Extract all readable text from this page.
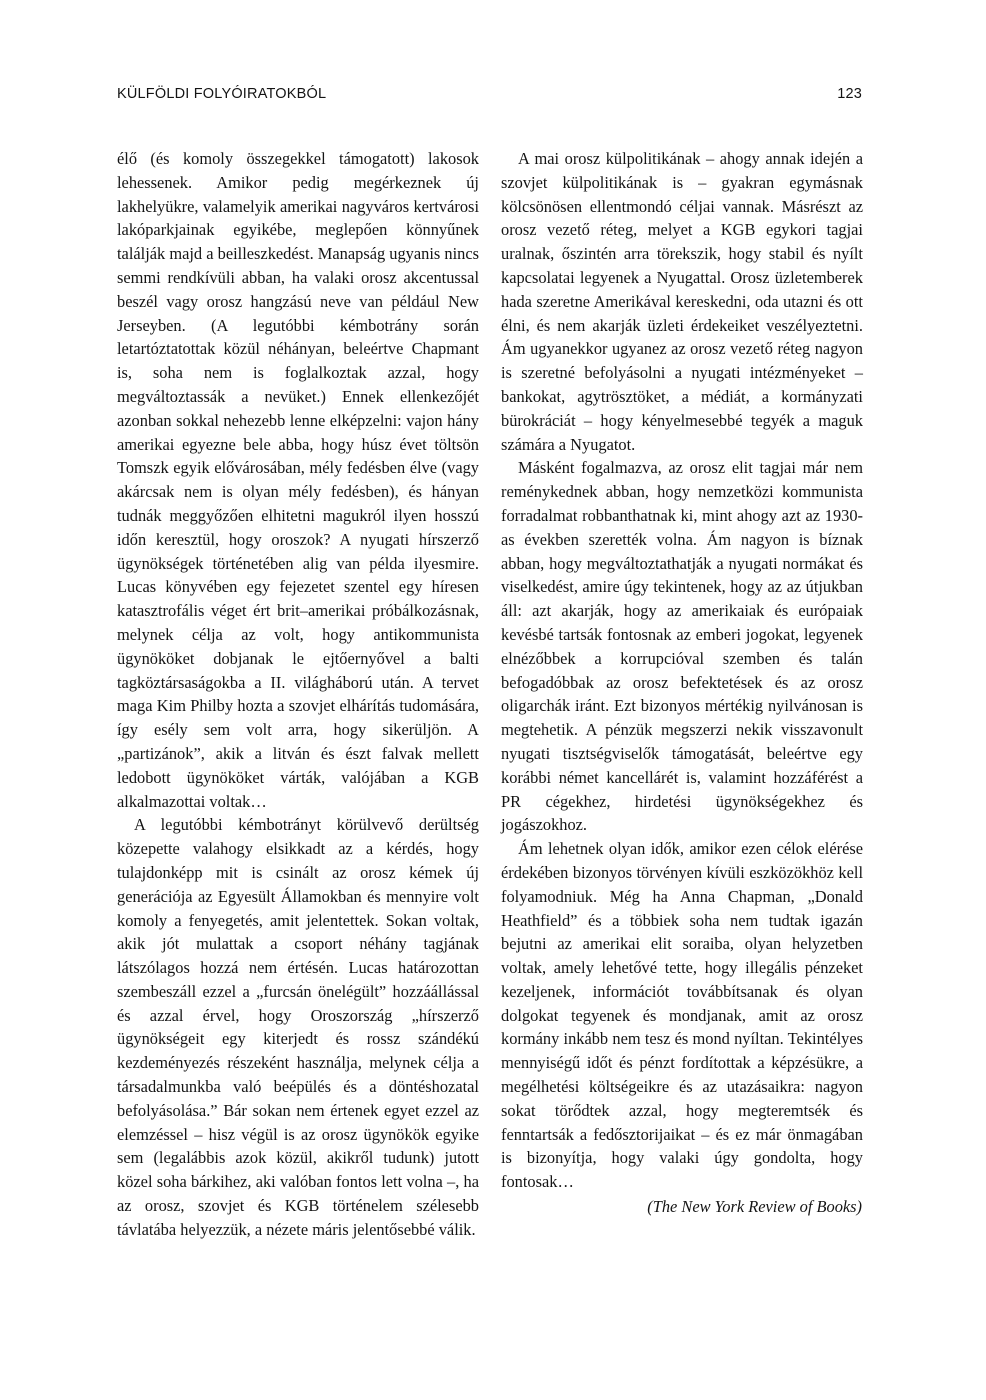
KÜLFÖLDI FOLYÓIRATOKBÓL	123

élő (és komoly összegekkel támogatott) lakosok lehessenek. Amikor pedig megérkeznek új lakhelyükre, valamelyik amerikai nagyváros kertvárosi lakóparkjainak egyikébe, meglepően könnyűnek találják majd a beilleszkedést. Manapság ugyanis nincs semmi rendkívüli abban, ha valaki orosz akcentussal beszél vagy orosz hangzású neve van például New Jerseyben. (A legutóbbi kémbotrány során letartóztatottak közül néhányan, beleértve Chapmant is, soha nem is foglalkoztak azzal, hogy megváltoztassák a nevüket.) Ennek ellenkezőjét azonban sokkal nehezebb lenne elképzelni: vajon hány amerikai egyezne bele abba, hogy húsz évet töltsön Tomszk egyik elővárosában, mély fedésben élve (vagy akárcsak nem is olyan mély fedésben), és hányan tudnák meggyőzően elhitetni magukról ilyen hosszú időn keresztül, hogy oroszok? A nyugati hírszerző ügynökségek történetében alig van példa ilyesmire. Lucas könyvében egy fejezetet szentel egy híresen katasztrofális véget ért brit–amerikai próbálkozásnak, melynek célja az volt, hogy antikommunista ügynököket dobjanak le ejtőernyővel a balti tagköztársaságokba a II. világháború után. A tervet maga Kim Philby hozta a szovjet elhárítás tudomására, így esély sem volt arra, hogy sikerüljön. A „partizánok”, akik a litván és észt falvak mellett ledobott ügynököket várták, valójában a KGB alkalmazottai voltak…

A legutóbbi kémbotrányt körülvevő derültség közepette valahogy elsikkadt az a kérdés, hogy tulajdonképp mit is csinált az orosz kémek új generációja az Egyesült Államokban és mennyire volt komoly a fenyegetés, amit jelentettek. Sokan voltak, akik jót mulattak a csoport néhány tagjának látszólagos hozzá nem értésén. Lucas határozottan szembeszáll ezzel a „furcsán önelégült” hozzáállással és azzal érvel, hogy Oroszország „hírszerző ügynökségeit egy kiterjedt és rossz szándékú kezdeményezés részeként használja, melynek célja a társadalmunkba való beépülés és a döntéshozatal befolyásolása.” Bár sokan nem értenek egyet ezzel az elemzéssel – hisz végül is az orosz ügynökök egyike sem (legalábbis azok közül, akikről tudunk) jutott közel soha bárkihez, aki valóban fontos lett volna –, ha az orosz, szovjet és KGB történelem szélesebb távlatába helyezzük, a nézete máris jelentősebbé válik.

A mai orosz külpolitikának – ahogy annak idején a szovjet külpolitikának is – gyakran egymásnak kölcsönösen ellentmondó céljai vannak. Másrészt az orosz vezető réteg, melyet a KGB egykori tagjai uralnak, őszintén arra törekszik, hogy stabil és nyílt kapcsolatai legyenek a Nyugattal. Orosz üzletemberek hada szeretne Amerikával kereskedni, oda utazni és ott élni, és nem akarják üzleti érdekeiket veszélyeztetni. Ám ugyanekkor ugyanez az orosz vezető réteg nagyon is szeretné befolyásolni a nyugati intézményeket – bankokat, agytrösztöket, a médiát, a kormányzati bürokráciát – hogy kényelmesebbé tegyék a maguk számára a Nyugatot.

Másként fogalmazva, az orosz elit tagjai már nem reménykednek abban, hogy nemzetközi kommunista forradalmat robbanthatnak ki, mint ahogy azt az 1930-as években szerették volna. Ám nagyon is bíznak abban, hogy megváltoztathatják a nyugati normákat és viselkedést, amire úgy tekintenek, hogy az az útjukban áll: azt akarják, hogy az amerikaiak és európaiak kevésbé tartsák fontosnak az emberi jogokat, legyenek elnézőbbek a korrupcióval szemben és talán befogadóbbak az orosz befektetések és az orosz oligarchák iránt. Ezt bizonyos mértékig nyilvánosan is megtehetik. A pénzük megszerzi nekik visszavonult nyugati tisztségviselők támogatását, beleértve egy korábbi német kancellárét is, valamint hozzáférést a PR cégekhez, hirdetési ügynökségekhez és jogászokhoz.

Ám lehetnek olyan idők, amikor ezen célok elérése érdekében bizonyos törvényen kívüli eszközökhöz kell folyamodniuk. Még ha Anna Chapman, „Donald Heathfield” és a többiek soha nem tudtak igazán bejutni az amerikai elit soraiba, olyan helyzetben voltak, amely lehetővé tette, hogy illegális pénzeket kezeljenek, információt továbbítsanak és olyan dolgokat tegyenek és mondjanak, amit az orosz kormány inkább nem tesz és mond nyíltan. Tekintélyes mennyiségű időt és pénzt fordítottak a képzésükre, a megélhetési költségeikre és az utazásaikra: nagyon sokat törődtek azzal, hogy megteremtsék és fenntartsák a fedősztorijaikat – és ez már önmagában is bizonyítja, hogy valaki úgy gondolta, hogy fontosak…

(The New York Review of Books)
